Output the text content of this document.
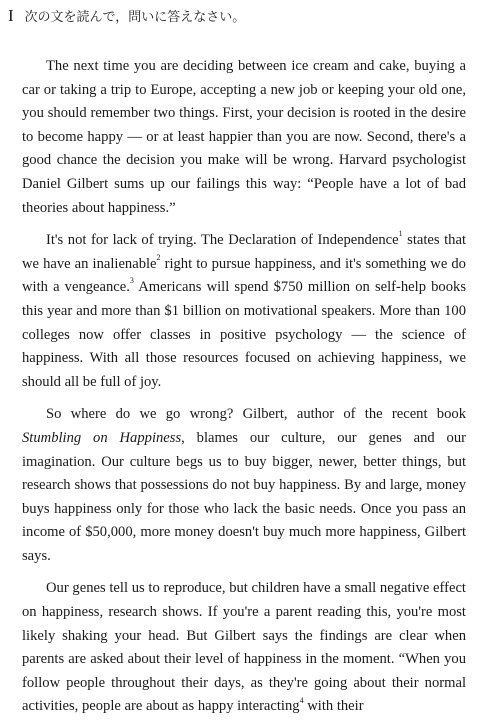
I 次の文を読んで，問いに答えなさい。

The next time you are deciding between ice cream and cake, buying a car or taking a trip to Europe, accepting a new job or keeping your old one, you should remember two things. First, your decision is rooted in the desire to become happy — or at least happier than you are now. Second, there's a good chance the decision you make will be wrong. Harvard psychologist Daniel Gilbert sums up our failings this way: “People have a lot of bad theories about happiness.”

It's not for lack of trying. The Declaration of Independence$^1$ states that we have an inalienable$^2$ right to pursue happiness, and it's something we do with a vengeance.$^3$ Americans will spend $750 million on self-help books this year and more than $1 billion on motivational speakers. More than 100 colleges now offer classes in positive psychology — the science of happiness. With all those resources focused on achieving happiness, we should all be full of joy.

So where do we go wrong? Gilbert, author of the recent book Stumbling on Happiness, blames our culture, our genes and our imagination. Our culture begs us to buy bigger, newer, better things, but research shows that possessions do not buy happiness. By and large, money buys happiness only for those who lack the basic needs. Once you pass an income of $50,000, more money doesn't buy much more happiness, Gilbert says.

Our genes tell us to reproduce, but children have a small negative effect on happiness, research shows. If you're a parent reading this, you're most likely shaking your head. But Gilbert says the findings are clear when parents are asked about their level of happiness in the moment. “When you follow people throughout their days, as they're going about their normal activities, people are about as happy interacting$^4$ with their
